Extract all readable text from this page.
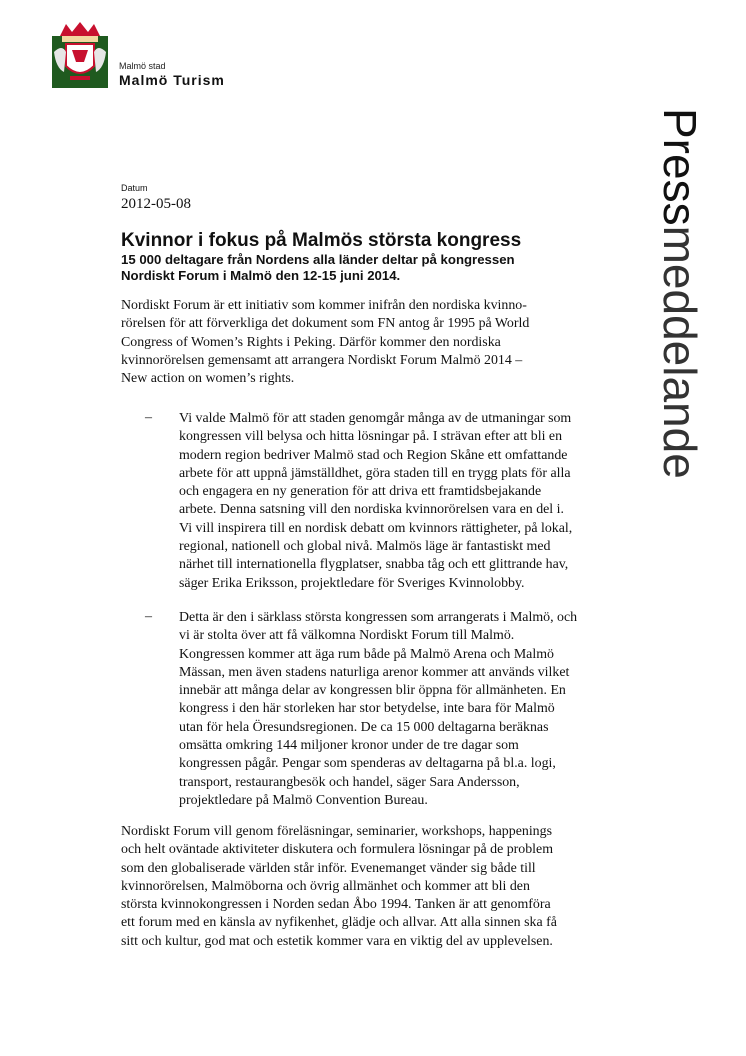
Malmö stad
Malmö Turism
Pressmeddelande
Datum
2012-05-08
Kvinnor i fokus på Malmös största kongress
15 000 deltagare från Nordens alla länder deltar på kongressen
Nordiskt Forum i Malmö den 12-15 juni 2014.
Nordiskt Forum är ett initiativ som kommer inifrån den nordiska kvinno-
rörelsen för att förverkliga det dokument som FN antog år 1995 på World
Congress of Women’s Rights i Peking. Därför kommer den nordiska
kvinnorörelsen gemensamt att arrangera Nordiskt Forum Malmö 2014 –
New action on women’s rights.
–	Vi valde Malmö för att staden genomgår många av de utmaningar som
kongressen vill belysa och hitta lösningar på. I strävan efter att bli en
modern region bedriver Malmö stad och Region Skåne ett omfattande
arbete för att uppnå jämställdhet, göra staden till en trygg plats för alla
och engagera en ny generation för att driva ett framtidsbejakande
arbete. Denna satsning vill den nordiska kvinnorörelsen vara en del i.
Vi vill inspirera till en nordisk debatt om kvinnors rättigheter, på lokal,
regional, nationell och global nivå. Malmös läge är fantastiskt med
närhet till internationella flygplatser, snabba tåg och ett glittrande hav,
säger Erika Eriksson, projektledare för Sveriges Kvinnolobby.
–	Detta är den i särklass största kongressen som arrangerats i Malmö, och
vi är stolta över att få välkomna Nordiskt Forum till Malmö.
Kongressen kommer att äga rum både på Malmö Arena och Malmö
Mässan, men även stadens naturliga arenor kommer att används vilket
innebär att många delar av kongressen blir öppna för allmänheten. En
kongress i den här storleken har stor betydelse, inte bara för Malmö
utan för hela Öresundsregionen. De ca 15 000 deltagarna beräknas
omsätta omkring 144 miljoner kronor under de tre dagar som
kongressen pågår. Pengar som spenderas av deltagarna på bl.a. logi,
transport, restaurangbesök och handel, säger Sara Andersson,
projektledare på Malmö Convention Bureau.
Nordiskt Forum vill genom föreläsningar, seminarier, workshops, happenings
och helt oväntade aktiviteter diskutera och formulera lösningar på de problem
som den globaliserade världen står inför. Evenemanget vänder sig både till
kvinnorörelsen, Malmöborna och övrig allmänhet och kommer att bli den
största kvinnokongressen i Norden sedan Åbo 1994. Tanken är att genomföra
ett forum med en känsla av nyfikenhet, glädje och allvar. Att alla sinnen ska få
sitt och kultur, god mat och estetik kommer vara en viktig del av upplevelsen.
